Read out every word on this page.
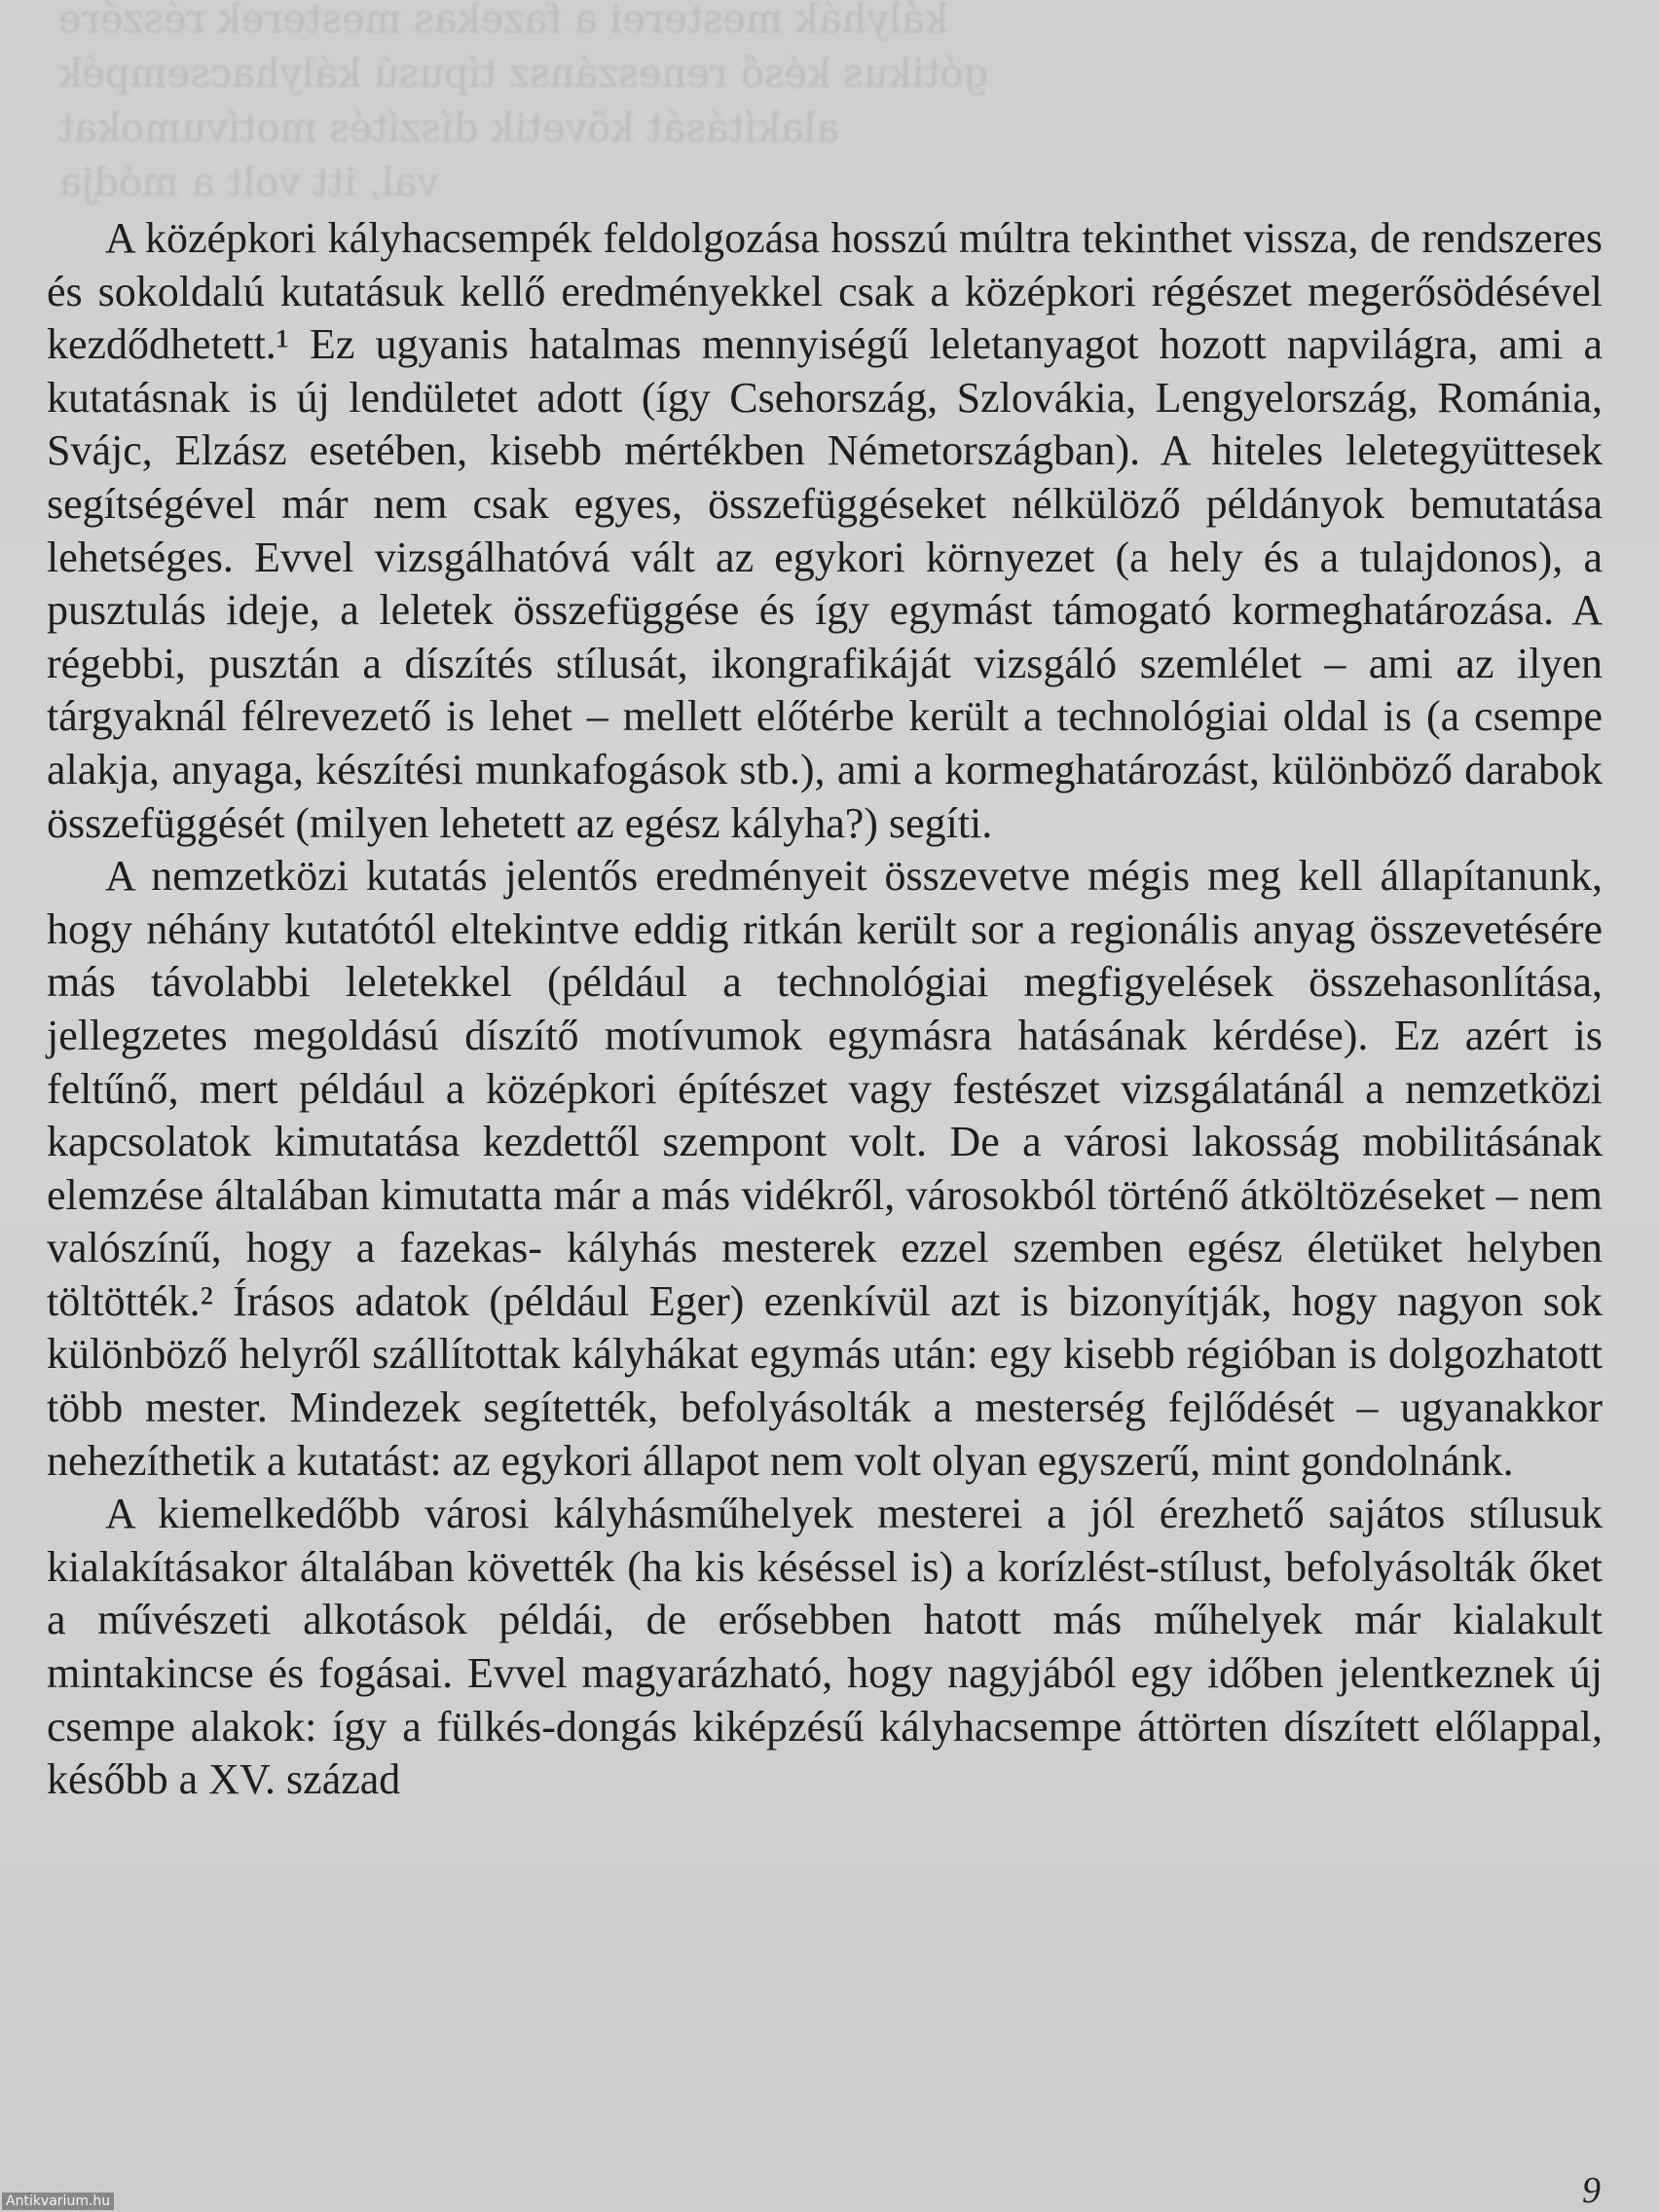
kályhák mesterei a fazekas mesterek részére
gótikus késő reneszánsz típusú kályhacsempék
alakítását követik díszítés motívumokat
val, itt volt a módja

A középkori kályhacsempék feldolgozása hosszú múltra tekinthet vissza, de rendszeres és sokoldalú kutatásuk kellő eredményekkel csak a középkori régészet megerősödésével kezdődhetett.¹ Ez ugyanis hatalmas mennyiségű leletanyagot hozott napvilágra, ami a kutatásnak is új lendületet adott (így Csehország, Szlovákia, Lengyelország, Románia, Svájc, Elzász esetében, kisebb mértékben Németországban). A hiteles leletegyüttesek segítségével már nem csak egyes, összefüggéseket nélkülöző példányok bemutatása lehetséges. Evvel vizsgálhatóvá vált az egykori környezet (a hely és a tulajdonos), a pusztulás ideje, a leletek összefüggése és így egymást támogató kormeghatározása. A régebbi, pusztán a díszítés stílusát, ikongrafikáját vizsgáló szemlélet – ami az ilyen tárgyaknál félrevezető is lehet – mellett előtérbe került a technológiai oldal is (a csempe alakja, anyaga, készítési munkafogások stb.), ami a kormeghatározást, különböző darabok összefüggését (milyen lehetett az egész kályha?) segíti.

A nemzetközi kutatás jelentős eredményeit összevetve mégis meg kell állapítanunk, hogy néhány kutatótól eltekintve eddig ritkán került sor a regionális anyag összevetésére más távolabbi leletekkel (például a technológiai megfigyelések összehasonlítása, jellegzetes megoldású díszítő motívumok egymásra hatásának kérdése). Ez azért is feltűnő, mert például a középkori építészet vagy festészet vizsgálatánál a nemzetközi kapcsolatok kimutatása kezdettől szempont volt. De a városi lakosság mobilitásának elemzése általában kimutatta már a más vidékről, városokból történő átköltözéseket – nem valószínű, hogy a fazekas- kályhás mesterek ezzel szemben egész életüket helyben töltötték.² Írásos adatok (például Eger) ezenkívül azt is bizonyítják, hogy nagyon sok különböző helyről szállítottak kályhákat egymás után: egy kisebb régióban is dolgozhatott több mester. Mindezek segítették, befolyásolták a mesterség fejlődését – ugyanakkor nehezíthetik a kutatást: az egykori állapot nem volt olyan egyszerű, mint gondolnánk.

A kiemelkedőbb városi kályhásműhelyek mesterei a jól érezhető sajátos stílusuk kialakításakor általában követték (ha kis késéssel is) a korízlést-stílust, befolyásolták őket a művészeti alkotások példái, de erősebben hatott más műhelyek már kialakult mintakincse és fogásai. Evvel magyarázható, hogy nagyjából egy időben jelentkeznek új csempe alakok: így a fülkés-dongás kiképzésű kályhacsempe áttörten díszített előlappal, később a XV. század

9
Antikvarium.hu
